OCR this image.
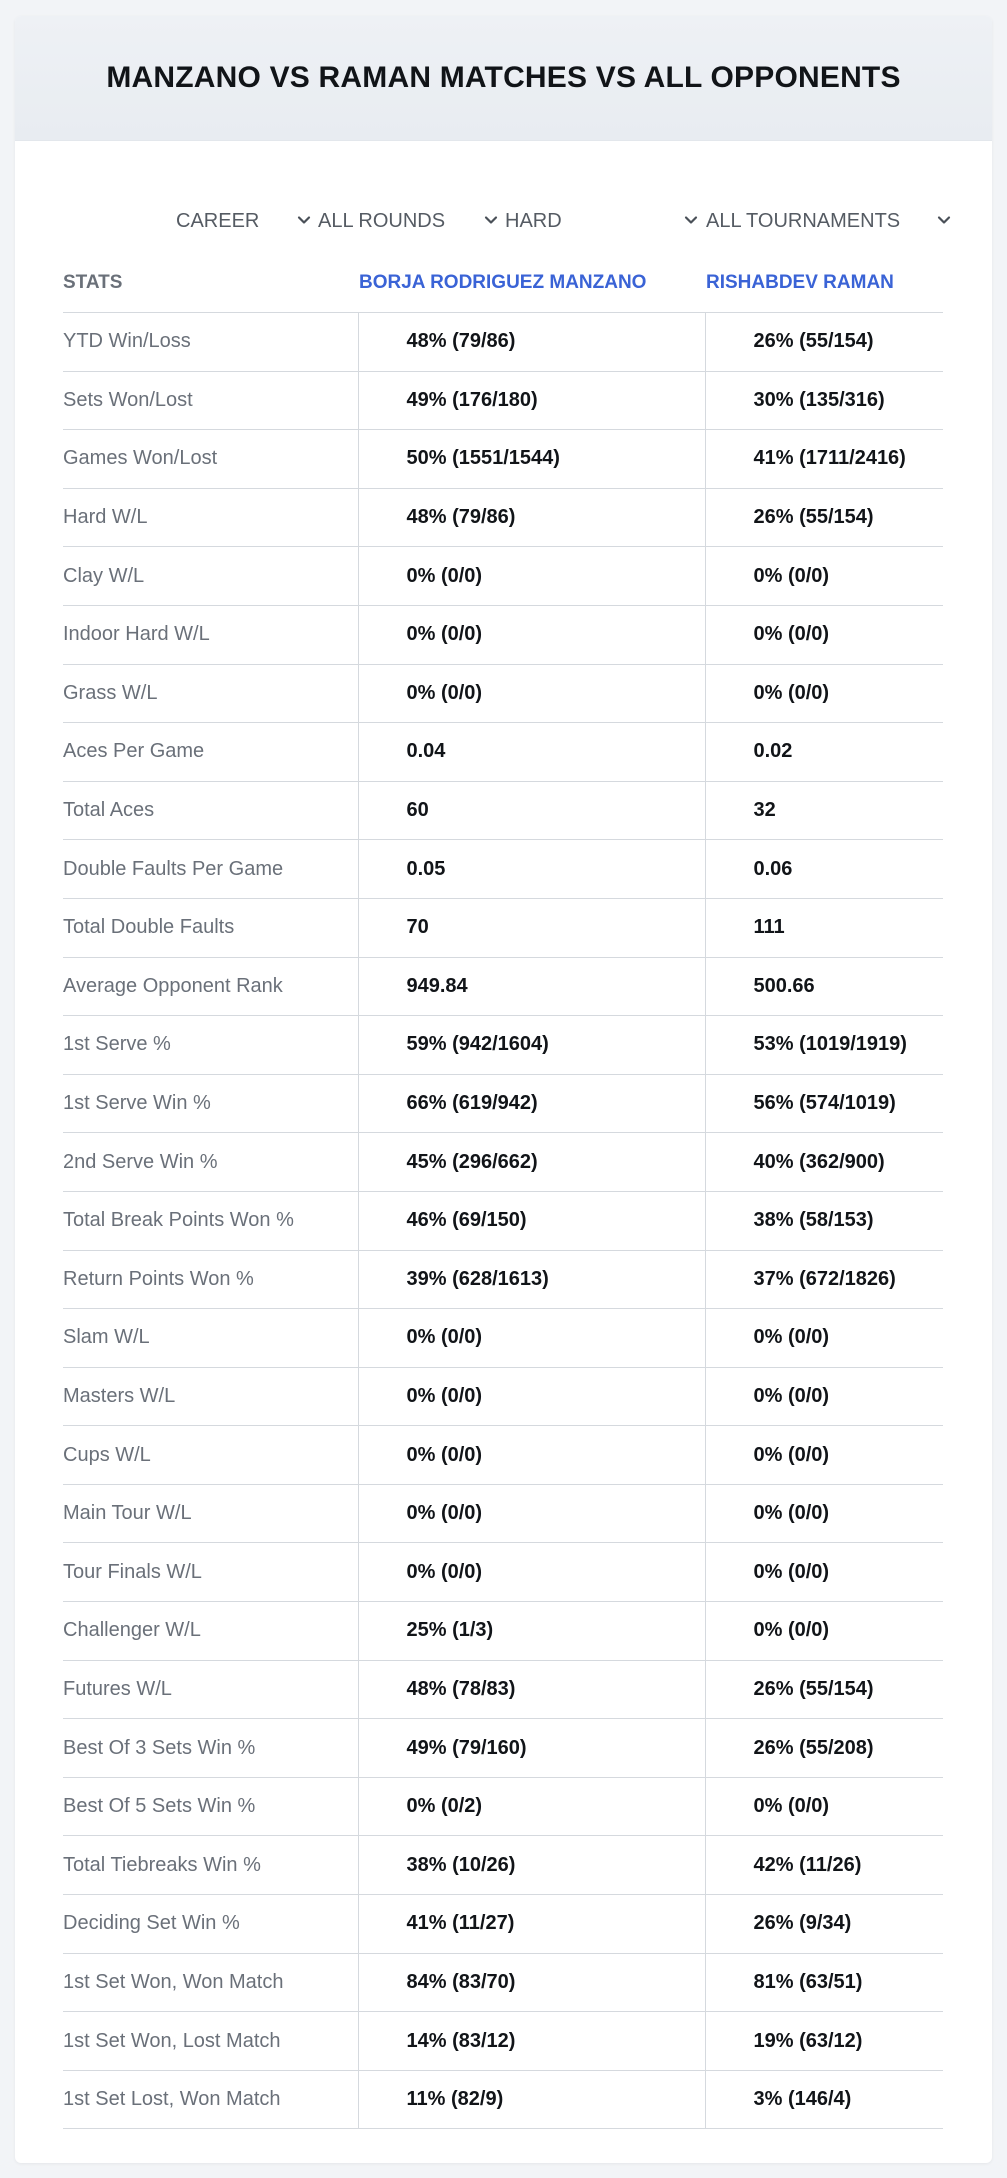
MANZANO VS RAMAN MATCHES VS ALL OPPONENTS
CAREER	ALL ROUNDS	HARD	ALL TOURNAMENTS
STATS	BORJA RODRIGUEZ MANZANO	RISHABDEV RAMAN
YTD Win/Loss	48% (79/86)	26% (55/154)
Sets Won/Lost	49% (176/180)	30% (135/316)
Games Won/Lost	50% (1551/1544)	41% (1711/2416)
Hard W/L	48% (79/86)	26% (55/154)
Clay W/L	0% (0/0)	0% (0/0)
Indoor Hard W/L	0% (0/0)	0% (0/0)
Grass W/L	0% (0/0)	0% (0/0)
Aces Per Game	0.04	0.02
Total Aces	60	32
Double Faults Per Game	0.05	0.06
Total Double Faults	70	111
Average Opponent Rank	949.84	500.66
1st Serve %	59% (942/1604)	53% (1019/1919)
1st Serve Win %	66% (619/942)	56% (574/1019)
2nd Serve Win %	45% (296/662)	40% (362/900)
Total Break Points Won %	46% (69/150)	38% (58/153)
Return Points Won %	39% (628/1613)	37% (672/1826)
Slam W/L	0% (0/0)	0% (0/0)
Masters W/L	0% (0/0)	0% (0/0)
Cups W/L	0% (0/0)	0% (0/0)
Main Tour W/L	0% (0/0)	0% (0/0)
Tour Finals W/L	0% (0/0)	0% (0/0)
Challenger W/L	25% (1/3)	0% (0/0)
Futures W/L	48% (78/83)	26% (55/154)
Best Of 3 Sets Win %	49% (79/160)	26% (55/208)
Best Of 5 Sets Win %	0% (0/2)	0% (0/0)
Total Tiebreaks Win %	38% (10/26)	42% (11/26)
Deciding Set Win %	41% (11/27)	26% (9/34)
1st Set Won, Won Match	84% (83/70)	81% (63/51)
1st Set Won, Lost Match	14% (83/12)	19% (63/12)
1st Set Lost, Won Match	11% (82/9)	3% (146/4)
